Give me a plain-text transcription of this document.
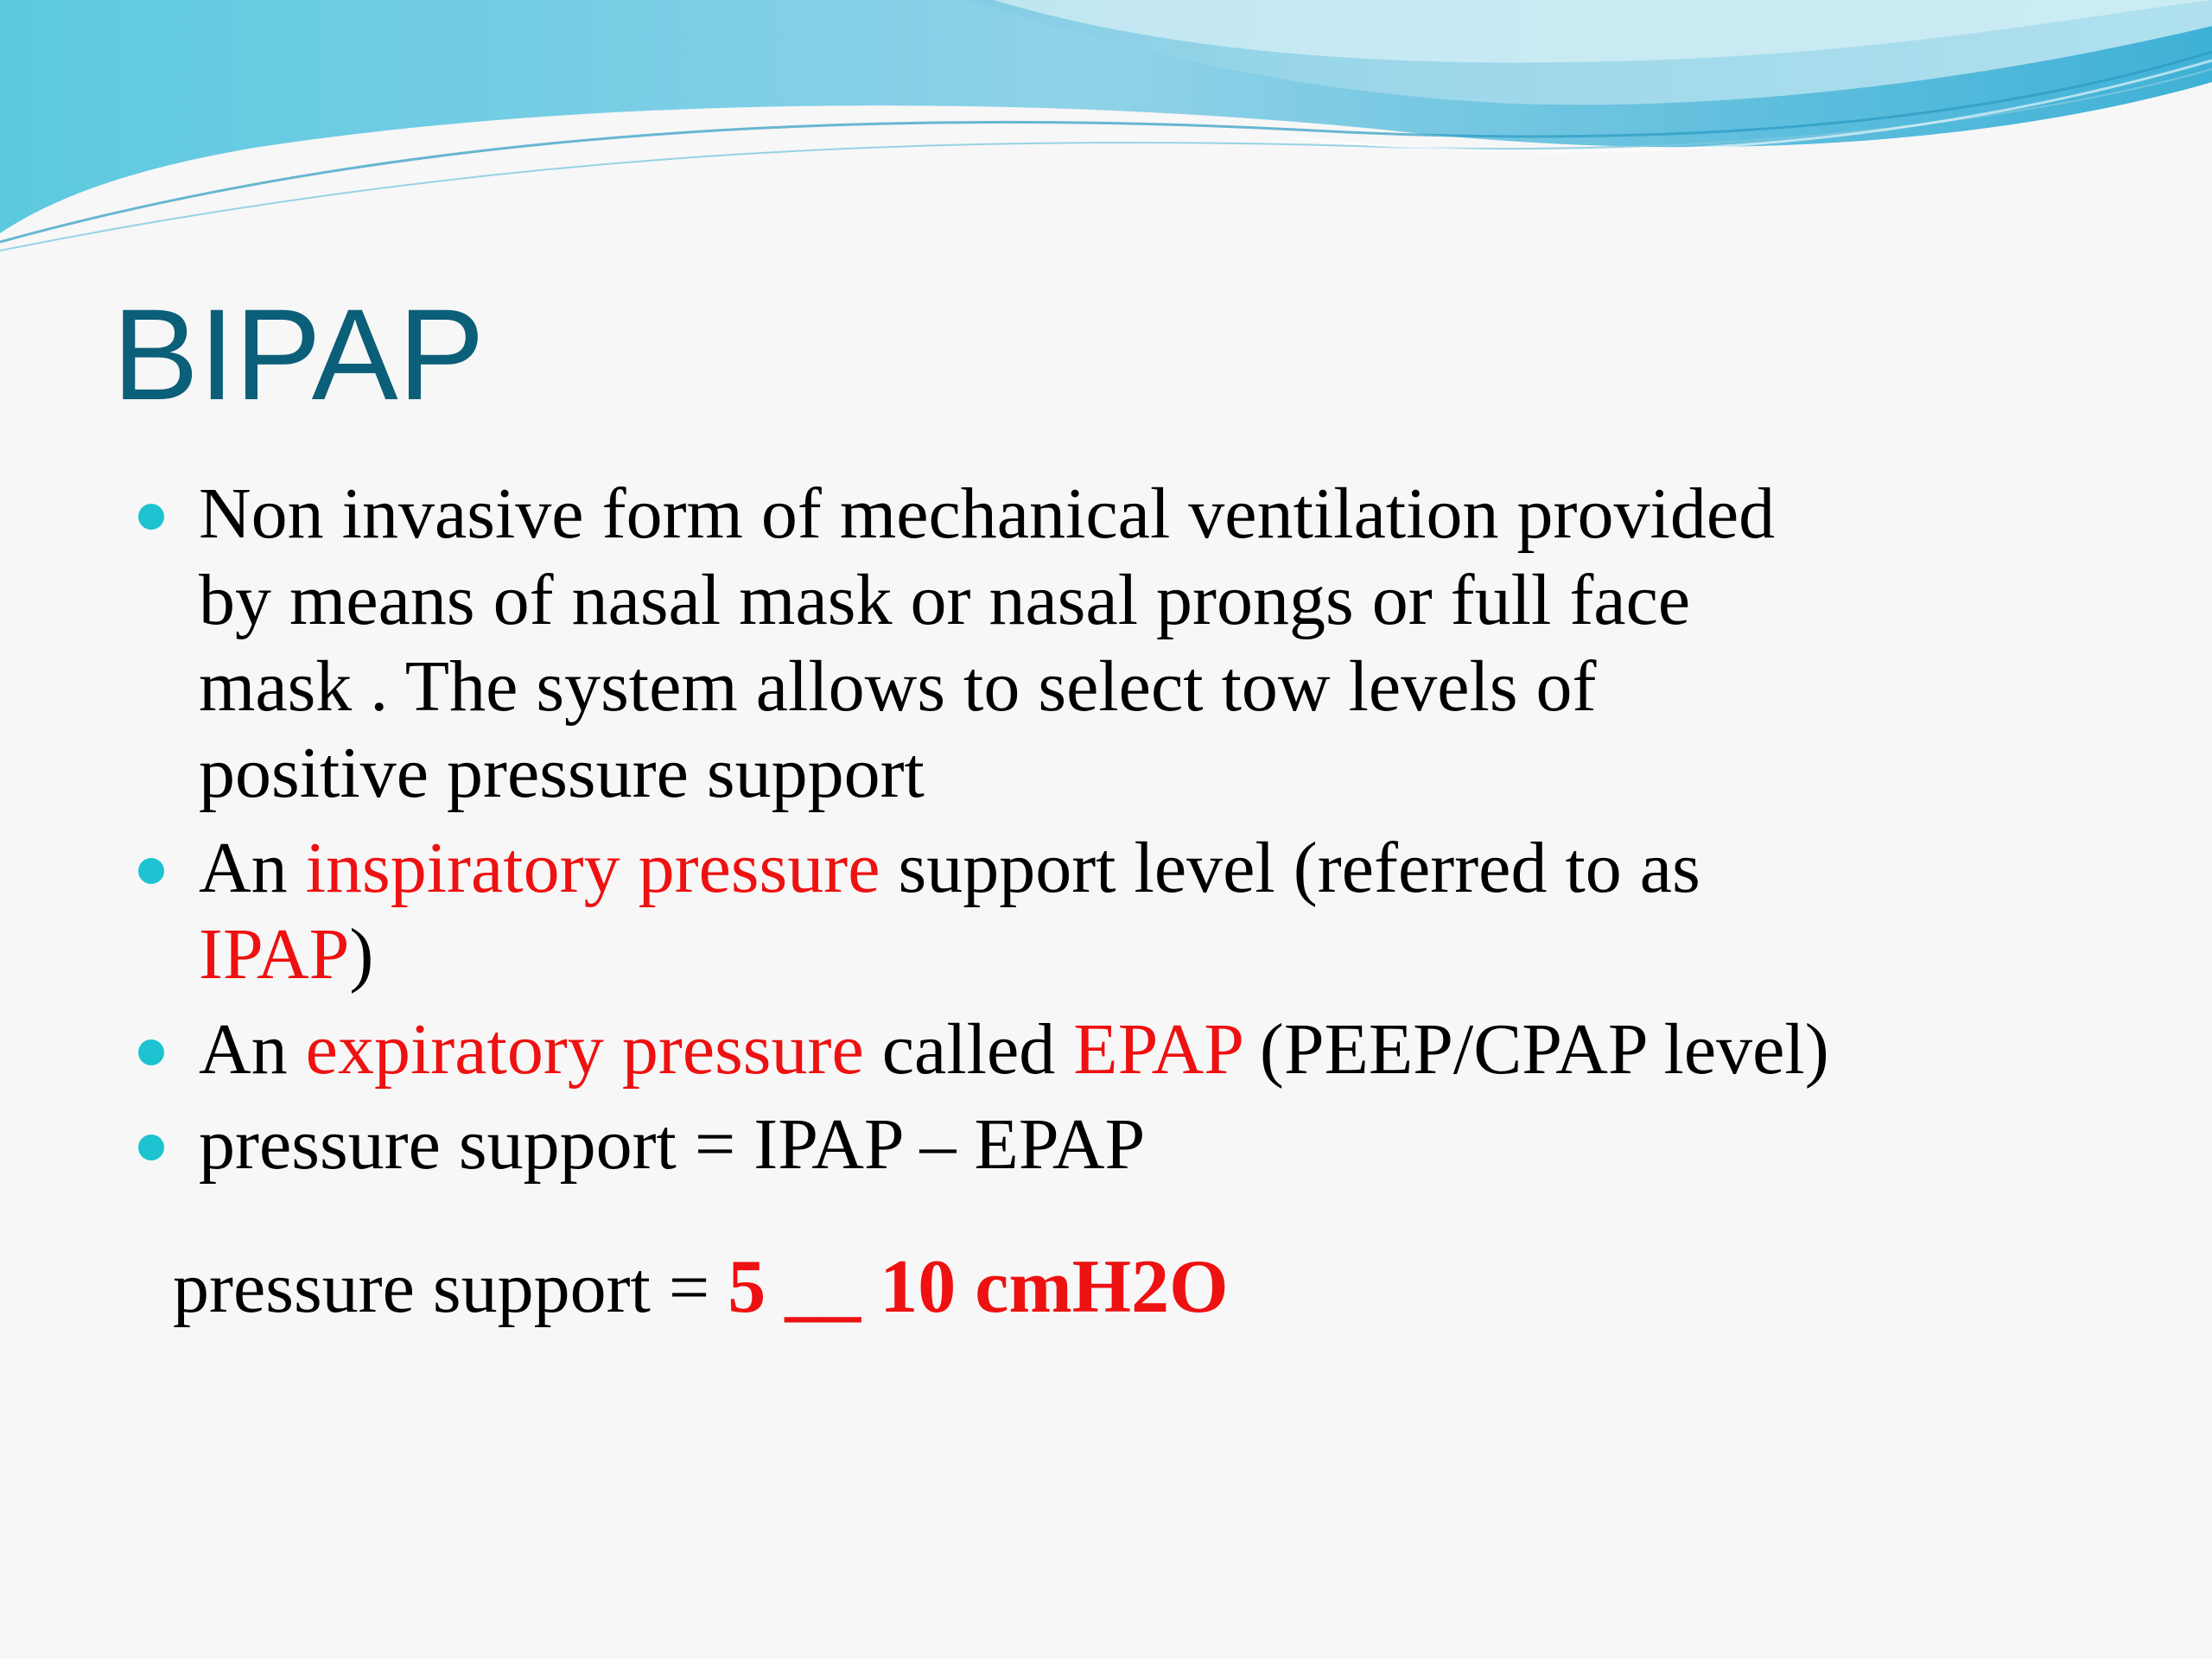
BIPAP
Non invasive form of mechanical ventilation provided
by means of nasal mask or nasal prongs or full face
mask . The system allows to select tow levels of
positive pressure support
An inspiratory pressure support level (referred to as
IPAP)
An expiratory pressure called EPAP (PEEP/CPAP level)
pressure support = IPAP – EPAP
pressure support = 5 __ 10 cmH2O
